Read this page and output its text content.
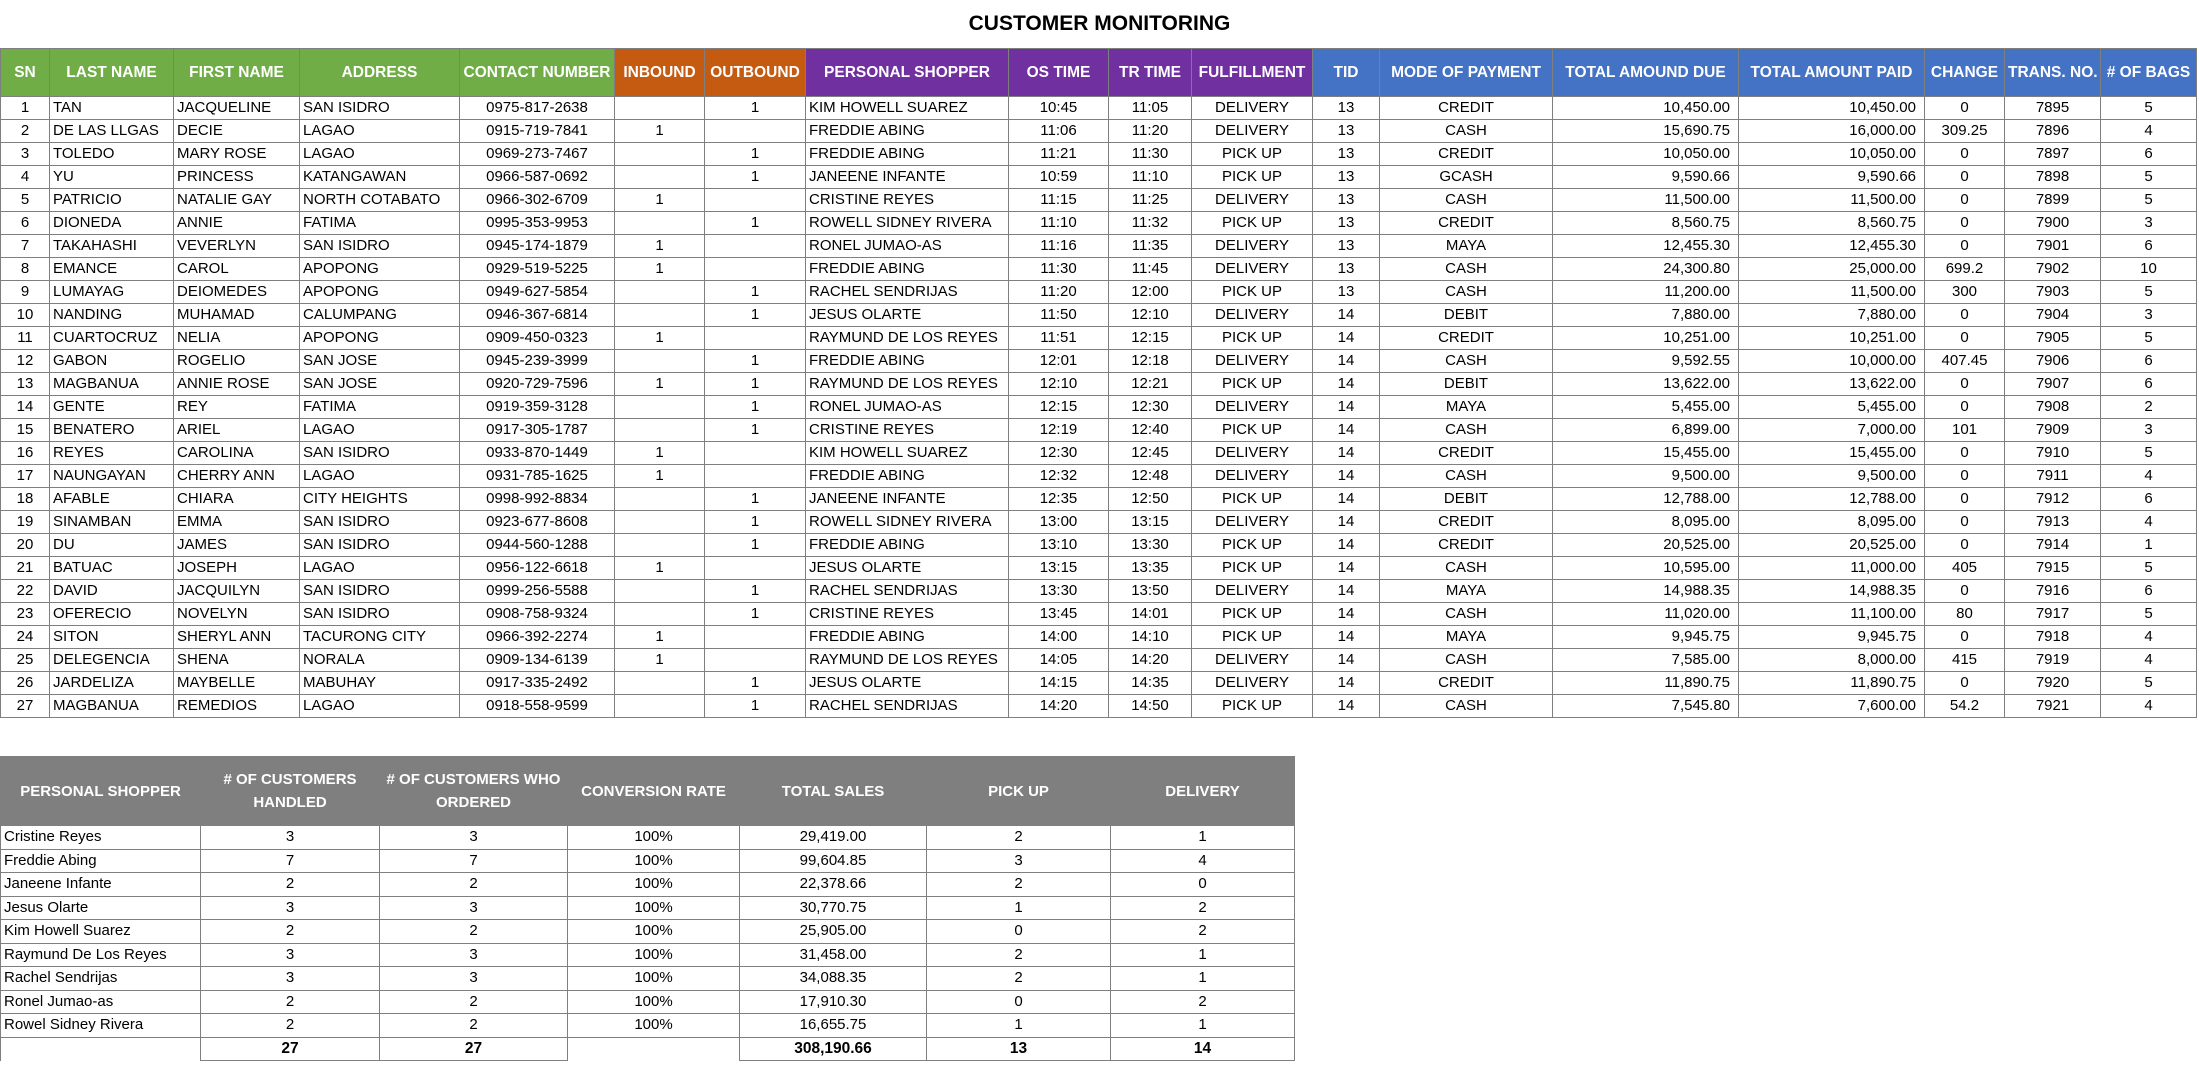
CUSTOMER MONITORING
SN	LAST NAME	FIRST NAME	ADDRESS	CONTACT NUMBER	INBOUND	OUTBOUND	PERSONAL SHOPPER	OS TIME	TR TIME	FULFILLMENT	TID	MODE OF PAYMENT	TOTAL AMOUND DUE	TOTAL AMOUNT PAID	CHANGE	TRANS. NO.	# OF BAGS
1	TAN	JACQUELINE	SAN ISIDRO	0975-817-2638		1	KIM HOWELL SUAREZ	10:45	11:05	DELIVERY	13	CREDIT	10,450.00	10,450.00	0	7895	5
2	DE LAS LLGAS	DECIE	LAGAO	0915-719-7841	1		FREDDIE ABING	11:06	11:20	DELIVERY	13	CASH	15,690.75	16,000.00	309.25	7896	4
3	TOLEDO	MARY ROSE	LAGAO	0969-273-7467		1	FREDDIE ABING	11:21	11:30	PICK UP	13	CREDIT	10,050.00	10,050.00	0	7897	6
4	YU	PRINCESS	KATANGAWAN	0966-587-0692		1	JANEENE INFANTE	10:59	11:10	PICK UP	13	GCASH	9,590.66	9,590.66	0	7898	5
5	PATRICIO	NATALIE GAY	NORTH COTABATO	0966-302-6709	1		CRISTINE REYES	11:15	11:25	DELIVERY	13	CASH	11,500.00	11,500.00	0	7899	5
6	DIONEDA	ANNIE	FATIMA	0995-353-9953		1	ROWELL SIDNEY RIVERA	11:10	11:32	PICK UP	13	CREDIT	8,560.75	8,560.75	0	7900	3
7	TAKAHASHI	VEVERLYN	SAN ISIDRO	0945-174-1879	1		RONEL JUMAO-AS	11:16	11:35	DELIVERY	13	MAYA	12,455.30	12,455.30	0	7901	6
8	EMANCE	CAROL	APOPONG	0929-519-5225	1		FREDDIE ABING	11:30	11:45	DELIVERY	13	CASH	24,300.80	25,000.00	699.2	7902	10
9	LUMAYAG	DEIOMEDES	APOPONG	0949-627-5854		1	RACHEL SENDRIJAS	11:20	12:00	PICK UP	13	CASH	11,200.00	11,500.00	300	7903	5
10	NANDING	MUHAMAD	CALUMPANG	0946-367-6814		1	JESUS OLARTE	11:50	12:10	DELIVERY	14	DEBIT	7,880.00	7,880.00	0	7904	3
11	CUARTOCRUZ	NELIA	APOPONG	0909-450-0323	1		RAYMUND DE LOS REYES	11:51	12:15	PICK UP	14	CREDIT	10,251.00	10,251.00	0	7905	5
12	GABON	ROGELIO	SAN JOSE	0945-239-3999		1	FREDDIE ABING	12:01	12:18	DELIVERY	14	CASH	9,592.55	10,000.00	407.45	7906	6
13	MAGBANUA	ANNIE ROSE	SAN JOSE	0920-729-7596	1	1	RAYMUND DE LOS REYES	12:10	12:21	PICK UP	14	DEBIT	13,622.00	13,622.00	0	7907	6
14	GENTE	REY	FATIMA	0919-359-3128		1	RONEL JUMAO-AS	12:15	12:30	DELIVERY	14	MAYA	5,455.00	5,455.00	0	7908	2
15	BENATERO	ARIEL	LAGAO	0917-305-1787		1	CRISTINE REYES	12:19	12:40	PICK UP	14	CASH	6,899.00	7,000.00	101	7909	3
16	REYES	CAROLINA	SAN ISIDRO	0933-870-1449	1		KIM HOWELL SUAREZ	12:30	12:45	DELIVERY	14	CREDIT	15,455.00	15,455.00	0	7910	5
17	NAUNGAYAN	CHERRY ANN	LAGAO	0931-785-1625	1		FREDDIE ABING	12:32	12:48	DELIVERY	14	CASH	9,500.00	9,500.00	0	7911	4
18	AFABLE	CHIARA	CITY HEIGHTS	0998-992-8834		1	JANEENE INFANTE	12:35	12:50	PICK UP	14	DEBIT	12,788.00	12,788.00	0	7912	6
19	SINAMBAN	EMMA	SAN ISIDRO	0923-677-8608		1	ROWELL SIDNEY RIVERA	13:00	13:15	DELIVERY	14	CREDIT	8,095.00	8,095.00	0	7913	4
20	DU	JAMES	SAN ISIDRO	0944-560-1288		1	FREDDIE ABING	13:10	13:30	PICK UP	14	CREDIT	20,525.00	20,525.00	0	7914	1
21	BATUAC	JOSEPH	LAGAO	0956-122-6618	1		JESUS OLARTE	13:15	13:35	PICK UP	14	CASH	10,595.00	11,000.00	405	7915	5
22	DAVID	JACQUILYN	SAN ISIDRO	0999-256-5588		1	RACHEL SENDRIJAS	13:30	13:50	DELIVERY	14	MAYA	14,988.35	14,988.35	0	7916	6
23	OFERECIO	NOVELYN	SAN ISIDRO	0908-758-9324		1	CRISTINE REYES	13:45	14:01	PICK UP	14	CASH	11,020.00	11,100.00	80	7917	5
24	SITON	SHERYL ANN	TACURONG CITY	0966-392-2274	1		FREDDIE ABING	14:00	14:10	PICK UP	14	MAYA	9,945.75	9,945.75	0	7918	4
25	DELEGENCIA	SHENA	NORALA	0909-134-6139	1		RAYMUND DE LOS REYES	14:05	14:20	DELIVERY	14	CASH	7,585.00	8,000.00	415	7919	4
26	JARDELIZA	MAYBELLE	MABUHAY	0917-335-2492		1	JESUS OLARTE	14:15	14:35	DELIVERY	14	CREDIT	11,890.75	11,890.75	0	7920	5
27	MAGBANUA	REMEDIOS	LAGAO	0918-558-9599		1	RACHEL SENDRIJAS	14:20	14:50	PICK UP	14	CASH	7,545.80	7,600.00	54.2	7921	4
PERSONAL SHOPPER	# OF CUSTOMERS HANDLED	# OF CUSTOMERS WHO ORDERED	CONVERSION RATE	TOTAL SALES	PICK UP	DELIVERY
Cristine Reyes	3	3	100%	29,419.00	2	1
Freddie Abing	7	7	100%	99,604.85	3	4
Janeene Infante	2	2	100%	22,378.66	2	0
Jesus Olarte	3	3	100%	30,770.75	1	2
Kim Howell Suarez	2	2	100%	25,905.00	0	2
Raymund De Los Reyes	3	3	100%	31,458.00	2	1
Rachel Sendrijas	3	3	100%	34,088.35	2	1
Ronel Jumao-as	2	2	100%	17,910.30	0	2
Rowel Sidney Rivera	2	2	100%	16,655.75	1	1
	27	27		308,190.66	13	14
